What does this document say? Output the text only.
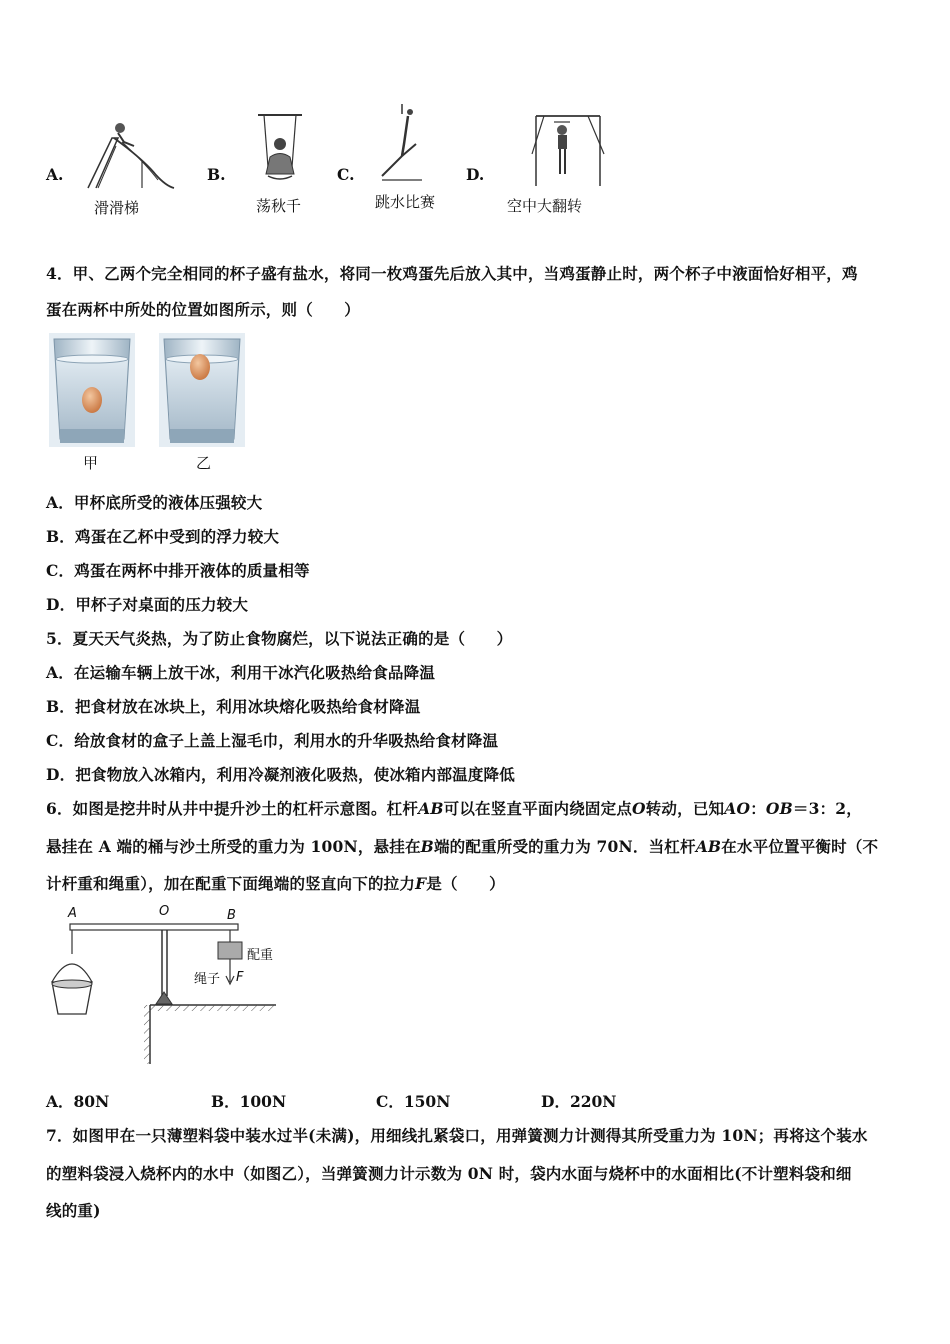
A.
滑滑梯
B.
荡秋千
C.
跳水比赛
D.
空中大翻转
4．甲、乙两个完全相同的杯子盛有盐水，将同一枚鸡蛋先后放入其中，当鸡蛋静止时，两个杯子中液面恰好相平，鸡
蛋在两杯中所处的位置如图所示，则（　　）
甲	乙
A．甲杯底所受的液体压强较大
B．鸡蛋在乙杯中受到的浮力较大
C．鸡蛋在两杯中排开液体的质量相等
D．甲杯子对桌面的压力较大
5．夏天天气炎热，为了防止食物腐烂，以下说法正确的是（　　）
A．在运输车辆上放干冰，利用干冰汽化吸热给食品降温
B．把食材放在冰块上，利用冰块熔化吸热给食材降温
C．给放食材的盒子上盖上湿毛巾，利用水的升华吸热给食材降温
D．把食物放入冰箱内，利用冷凝剂液化吸热，使冰箱内部温度降低
6．如图是挖井时从井中提升沙土的杠杆示意图。杠杆AB可以在竖直平面内绕固定点O转动，已知AO：OB＝3：2，
悬挂在 A 端的桶与沙土所受的重力为 100N，悬挂在B端的配重所受的重力为 70N．当杠杆AB在水平位置平衡时（不
计杆重和绳重），加在配重下面绳端的竖直向下的拉力F是（　　）
A	O	B
配重
绳子 F
A．80N	B．100N	C．150N	D．220N
7．如图甲在一只薄塑料袋中装水过半(未满)，用细线扎紧袋口，用弹簧测力计测得其所受重力为 10N；再将这个装水
的塑料袋浸入烧杯内的水中（如图乙），当弹簧测力计示数为 0N 时，袋内水面与烧杯中的水面相比(不计塑料袋和细
线的重)
